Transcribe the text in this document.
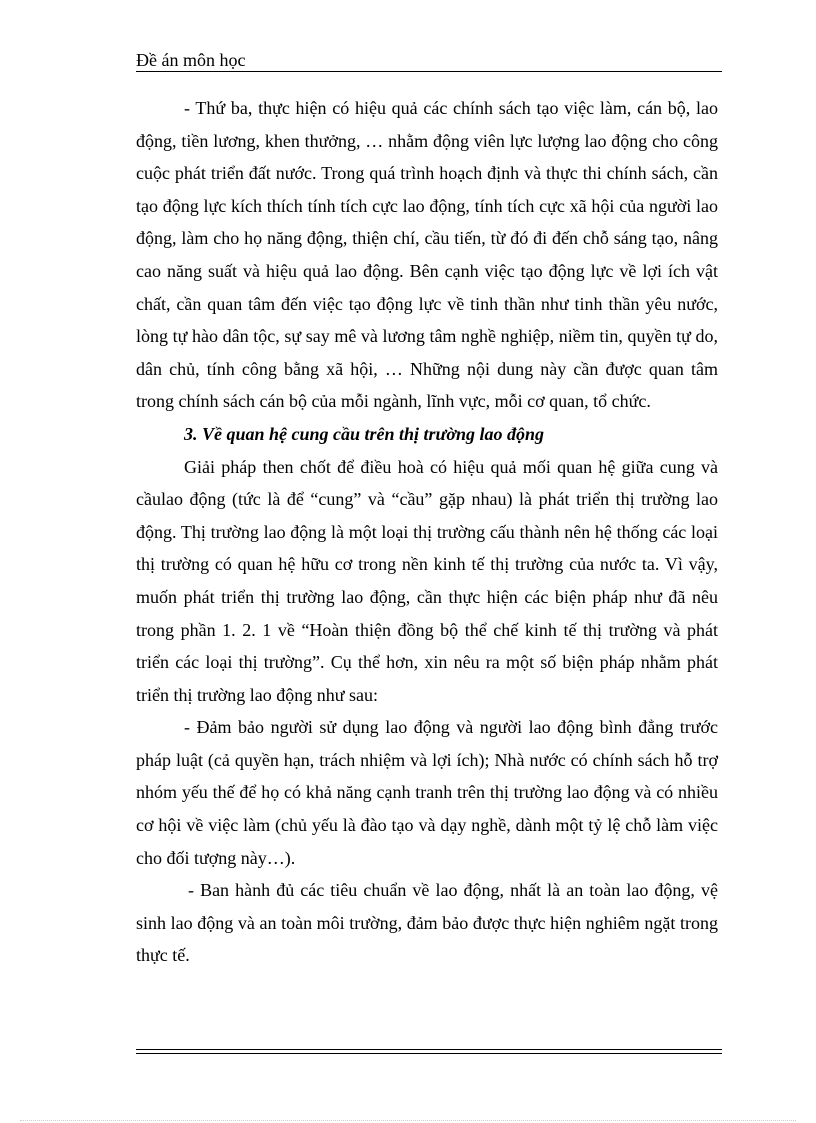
Đề án môn học

- Thứ ba, thực hiện có hiệu quả các chính sách tạo việc làm, cán bộ, lao động, tiền lương, khen thưởng, … nhằm động viên lực lượng lao động cho công cuộc phát triển đất nước. Trong quá trình hoạch định và thực thi chính sách, cần tạo động lực kích thích tính tích cực lao động, tính tích cực xã hội của người lao động, làm cho họ năng động, thiện chí, cầu tiến, từ đó đi đến chỗ sáng tạo, nâng cao năng suất và hiệu quả lao động. Bên cạnh việc tạo động lực về lợi ích vật chất, cần quan tâm đến việc tạo động lực về tinh thần như tinh thần yêu nước, lòng tự hào dân tộc, sự say mê và lương tâm nghề nghiệp, niềm tin, quyền tự do, dân chủ, tính công bằng xã hội, … Những nội dung này cần được quan tâm trong chính sách cán bộ của mỗi ngành, lĩnh vực, mỗi cơ quan, tổ chức.

3. Về quan hệ cung cầu trên thị trường lao động

Giải pháp then chốt để điều hoà có hiệu quả mối quan hệ giữa cung và cầulao động (tức là để “cung” và “cầu” gặp nhau) là phát triển thị trường lao động. Thị trường lao động là một loại thị trường cấu thành nên hệ thống các loại thị trường có quan hệ hữu cơ trong nền kinh tế thị trường của nước ta. Vì vậy, muốn phát triển thị trường lao động, cần thực hiện các biện pháp như đã nêu trong phần 1. 2. 1 về “Hoàn thiện đồng bộ thể chế kinh tế thị trường và phát triển các loại thị trường”. Cụ thể hơn, xin nêu ra một số biện pháp nhằm phát triển thị trường lao động như sau:

- Đảm bảo người sử dụng lao động và người lao động bình đẳng trước pháp luật (cả quyền hạn, trách nhiệm và lợi ích); Nhà nước có chính sách hỗ trợ nhóm yếu thế để họ có khả năng cạnh tranh trên thị trường lao động và có nhiều cơ hội về việc làm (chủ yếu là đào tạo và dạy nghề, dành một tỷ lệ chỗ làm việc cho đối tượng này…).

- Ban hành đủ các tiêu chuẩn về lao động, nhất là an toàn lao động, vệ sinh lao động và an toàn môi trường, đảm bảo được thực hiện nghiêm ngặt trong thực tế.
